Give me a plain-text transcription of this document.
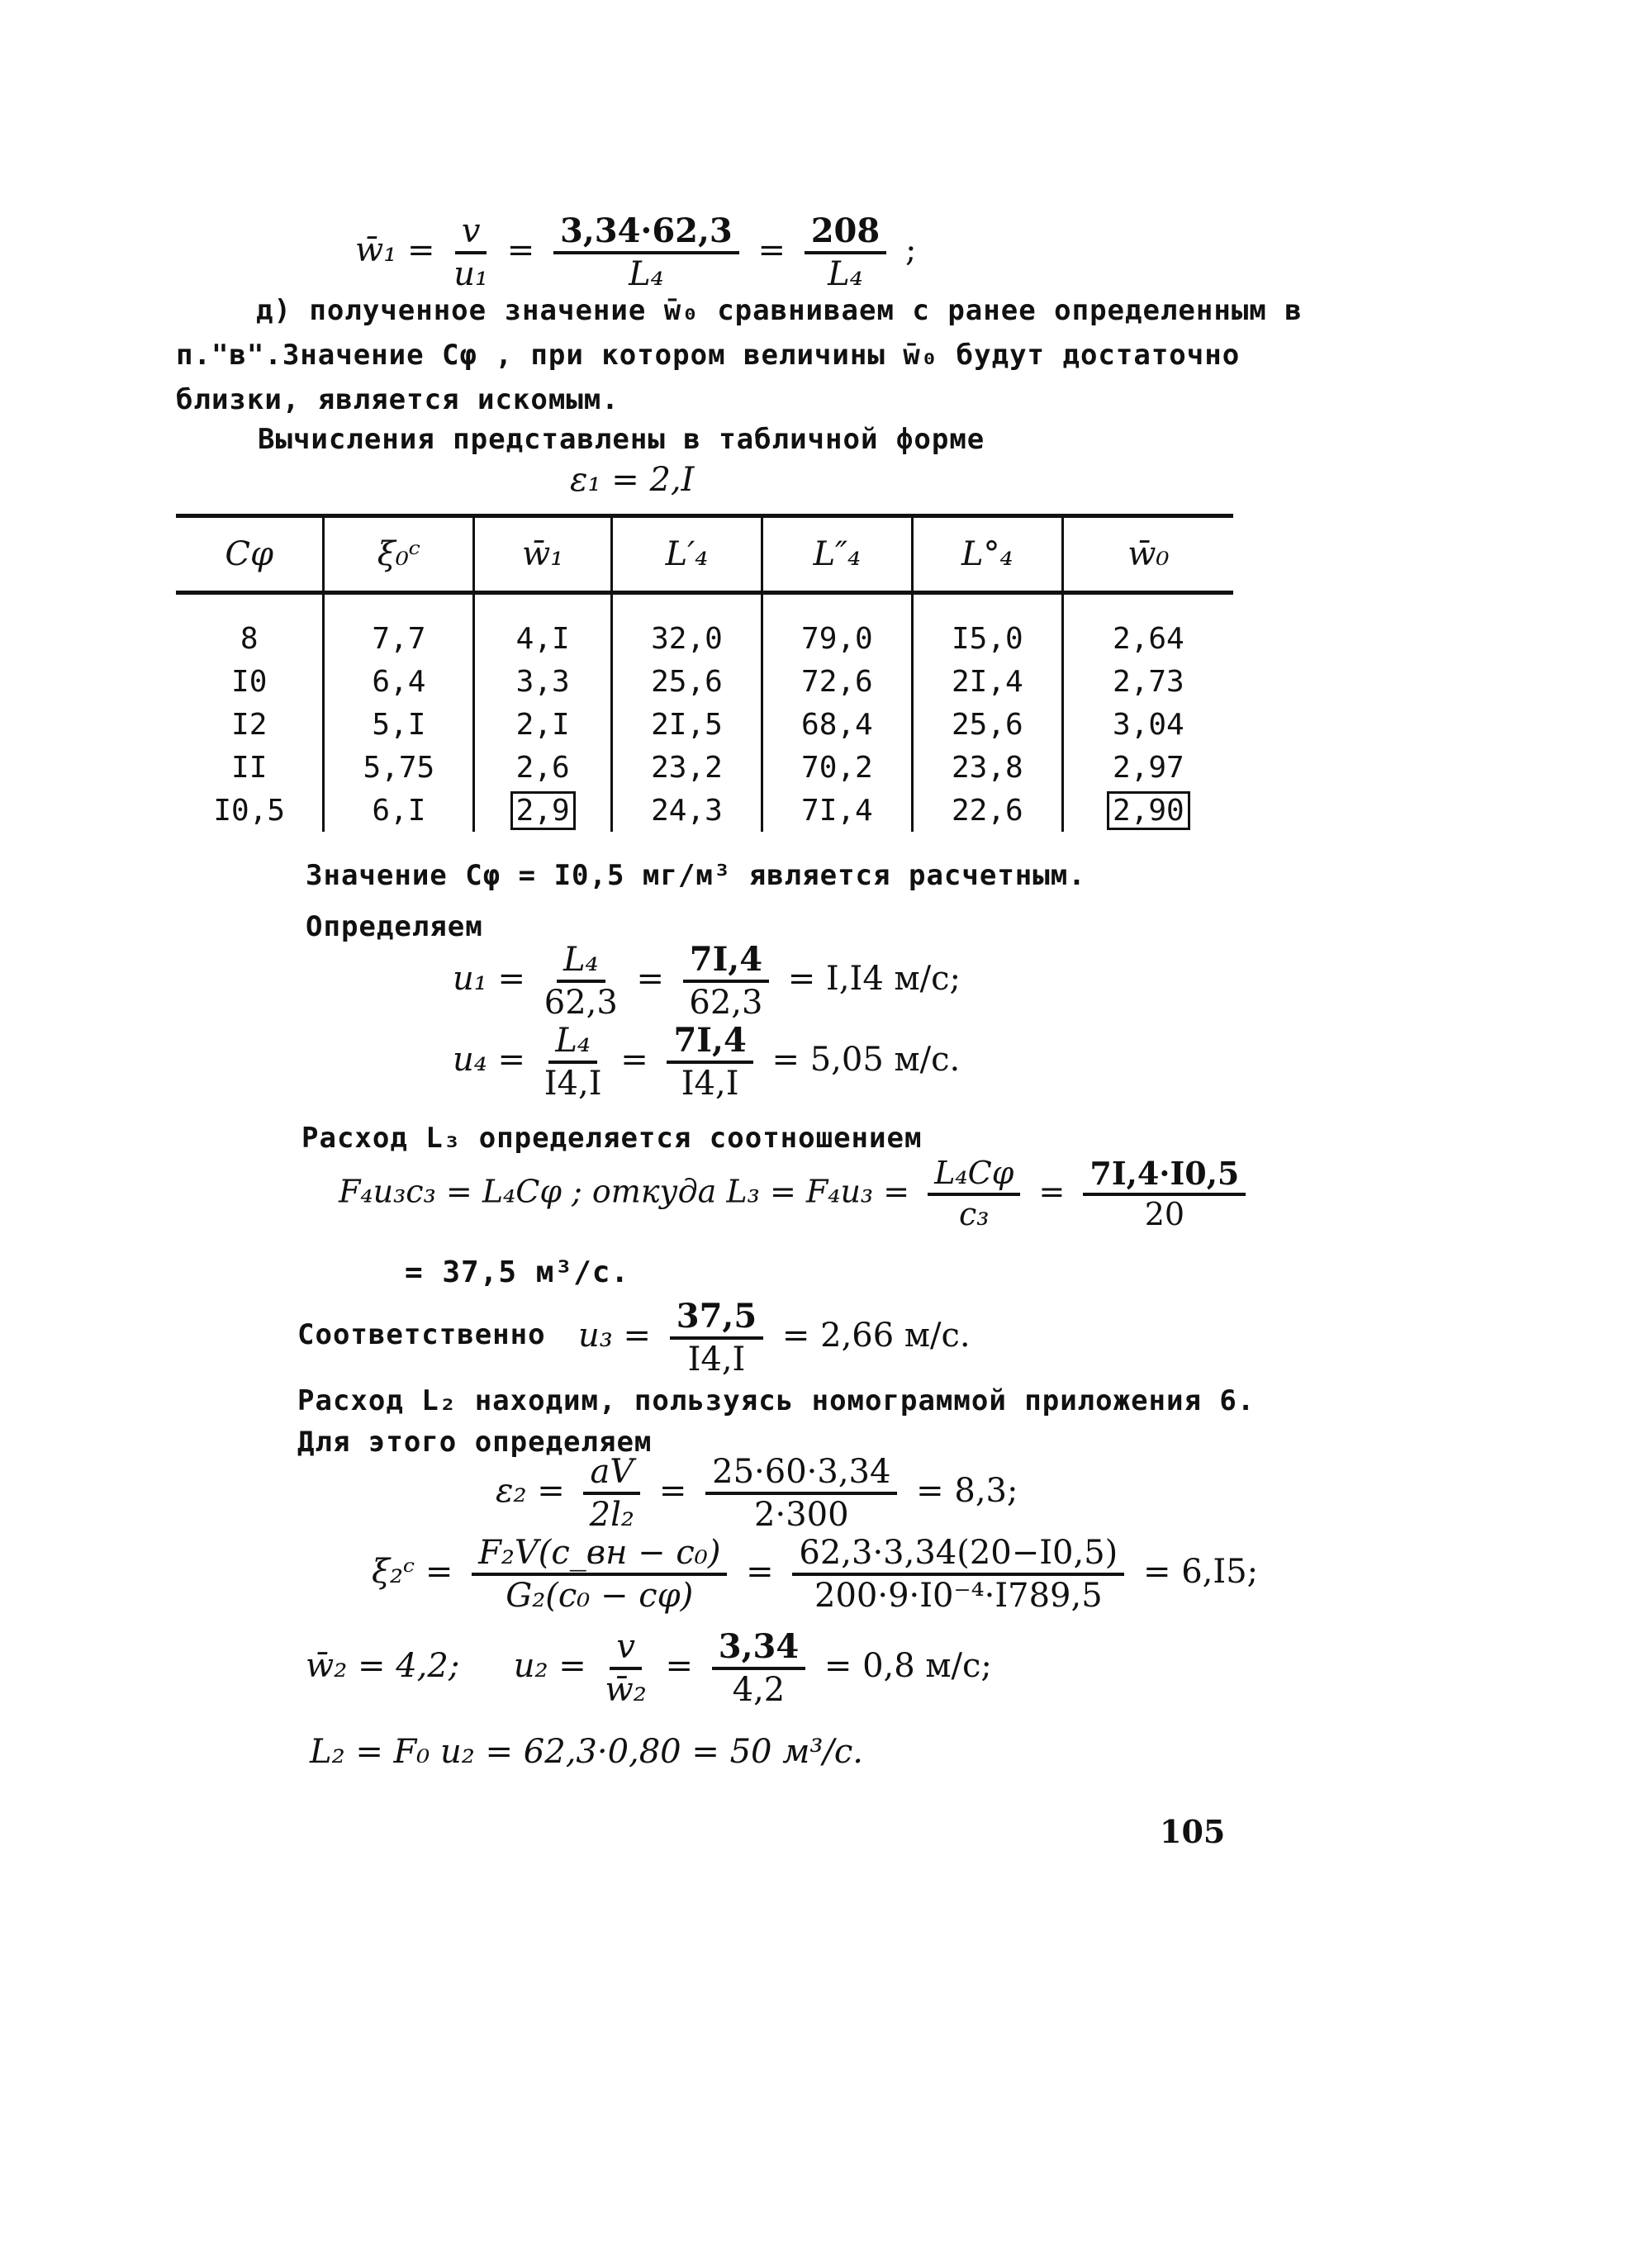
w̄₁ = $\frac{v}{\text{u₁}} = \frac{3,34\cdot 62,3}{\text{L₄}} = \frac{208}{\text{L₄}}$ ;
д) полученное значение w̄₀ сравниваем с ранее определенным в
п."в".Значение Cφ , при котором величины w̄₀ будут достаточно
близки, является искомым.
Вычисления представлены в табличной форме
ε₁ = 2,I
Cφ	ξ₀ᶜ	w̄₁	L′₄	L″₄	L°₄	w̄₀
8	7,7	4,I	32,0	79,0	I5,0	2,64
I0	6,4	3,3	25,6	72,6	2I,4	2,73
I2	5,I	2,I	2I,5	68,4	25,6	3,04
II	5,75	2,6	23,2	70,2	23,8	2,97
I0,5	6,I	2,9	24,3	7I,4	22,6	2,90
Значение Cφ = I0,5 мг/м³ является расчетным.
Определяем
$u_1 = \frac{\text{L₄}}{62,3} = \frac{7I,4}{62,3} = I,I4$ м/с;
$u_4 = \frac{\text{L₄}}{I4,I} = \frac{7I,4}{I4,I} = 5,05$ м/с.
Расход L₃ определяется соотношением
F₄u₃c₃ = L₄Cφ ; откуда $L_3 = F_4u_3 = \frac{\text{L₄Cφ}}{\text{c₃}} = \frac{7I,4\cdot I0,5}{20}$
= 37,5 м³/с.
Соответственно $u_3 = \frac{37,5}{I4,I} = 2,66$ м/с.
Расход L₂ находим, пользуясь номограммой приложения 6.
Для этого определяем
$\varepsilon_2 = \frac{aV}{\text{2l₂}} = \frac{25\cdot 60\cdot 3,34}{2\cdot 300} = 8,3$;
ξ₂ᶜ = $\frac{\text{F₂V(c\_вн − c₀)}}{\text{G₂(c₀ − cφ)}} = \frac{62,3\cdot 3,34(20-I0,5)}{\text{200·9·I0⁻⁴·I789,5}} = 6,I5$;
w̄₂ = 4,2; $u_2 = \frac{v}{\text{w̄₂}} = \frac{3,34}{4,2} = 0,8$ м/с;
L₂ = F₀ u₂ = 62,3·0,80 = 50 м³/с.
105
